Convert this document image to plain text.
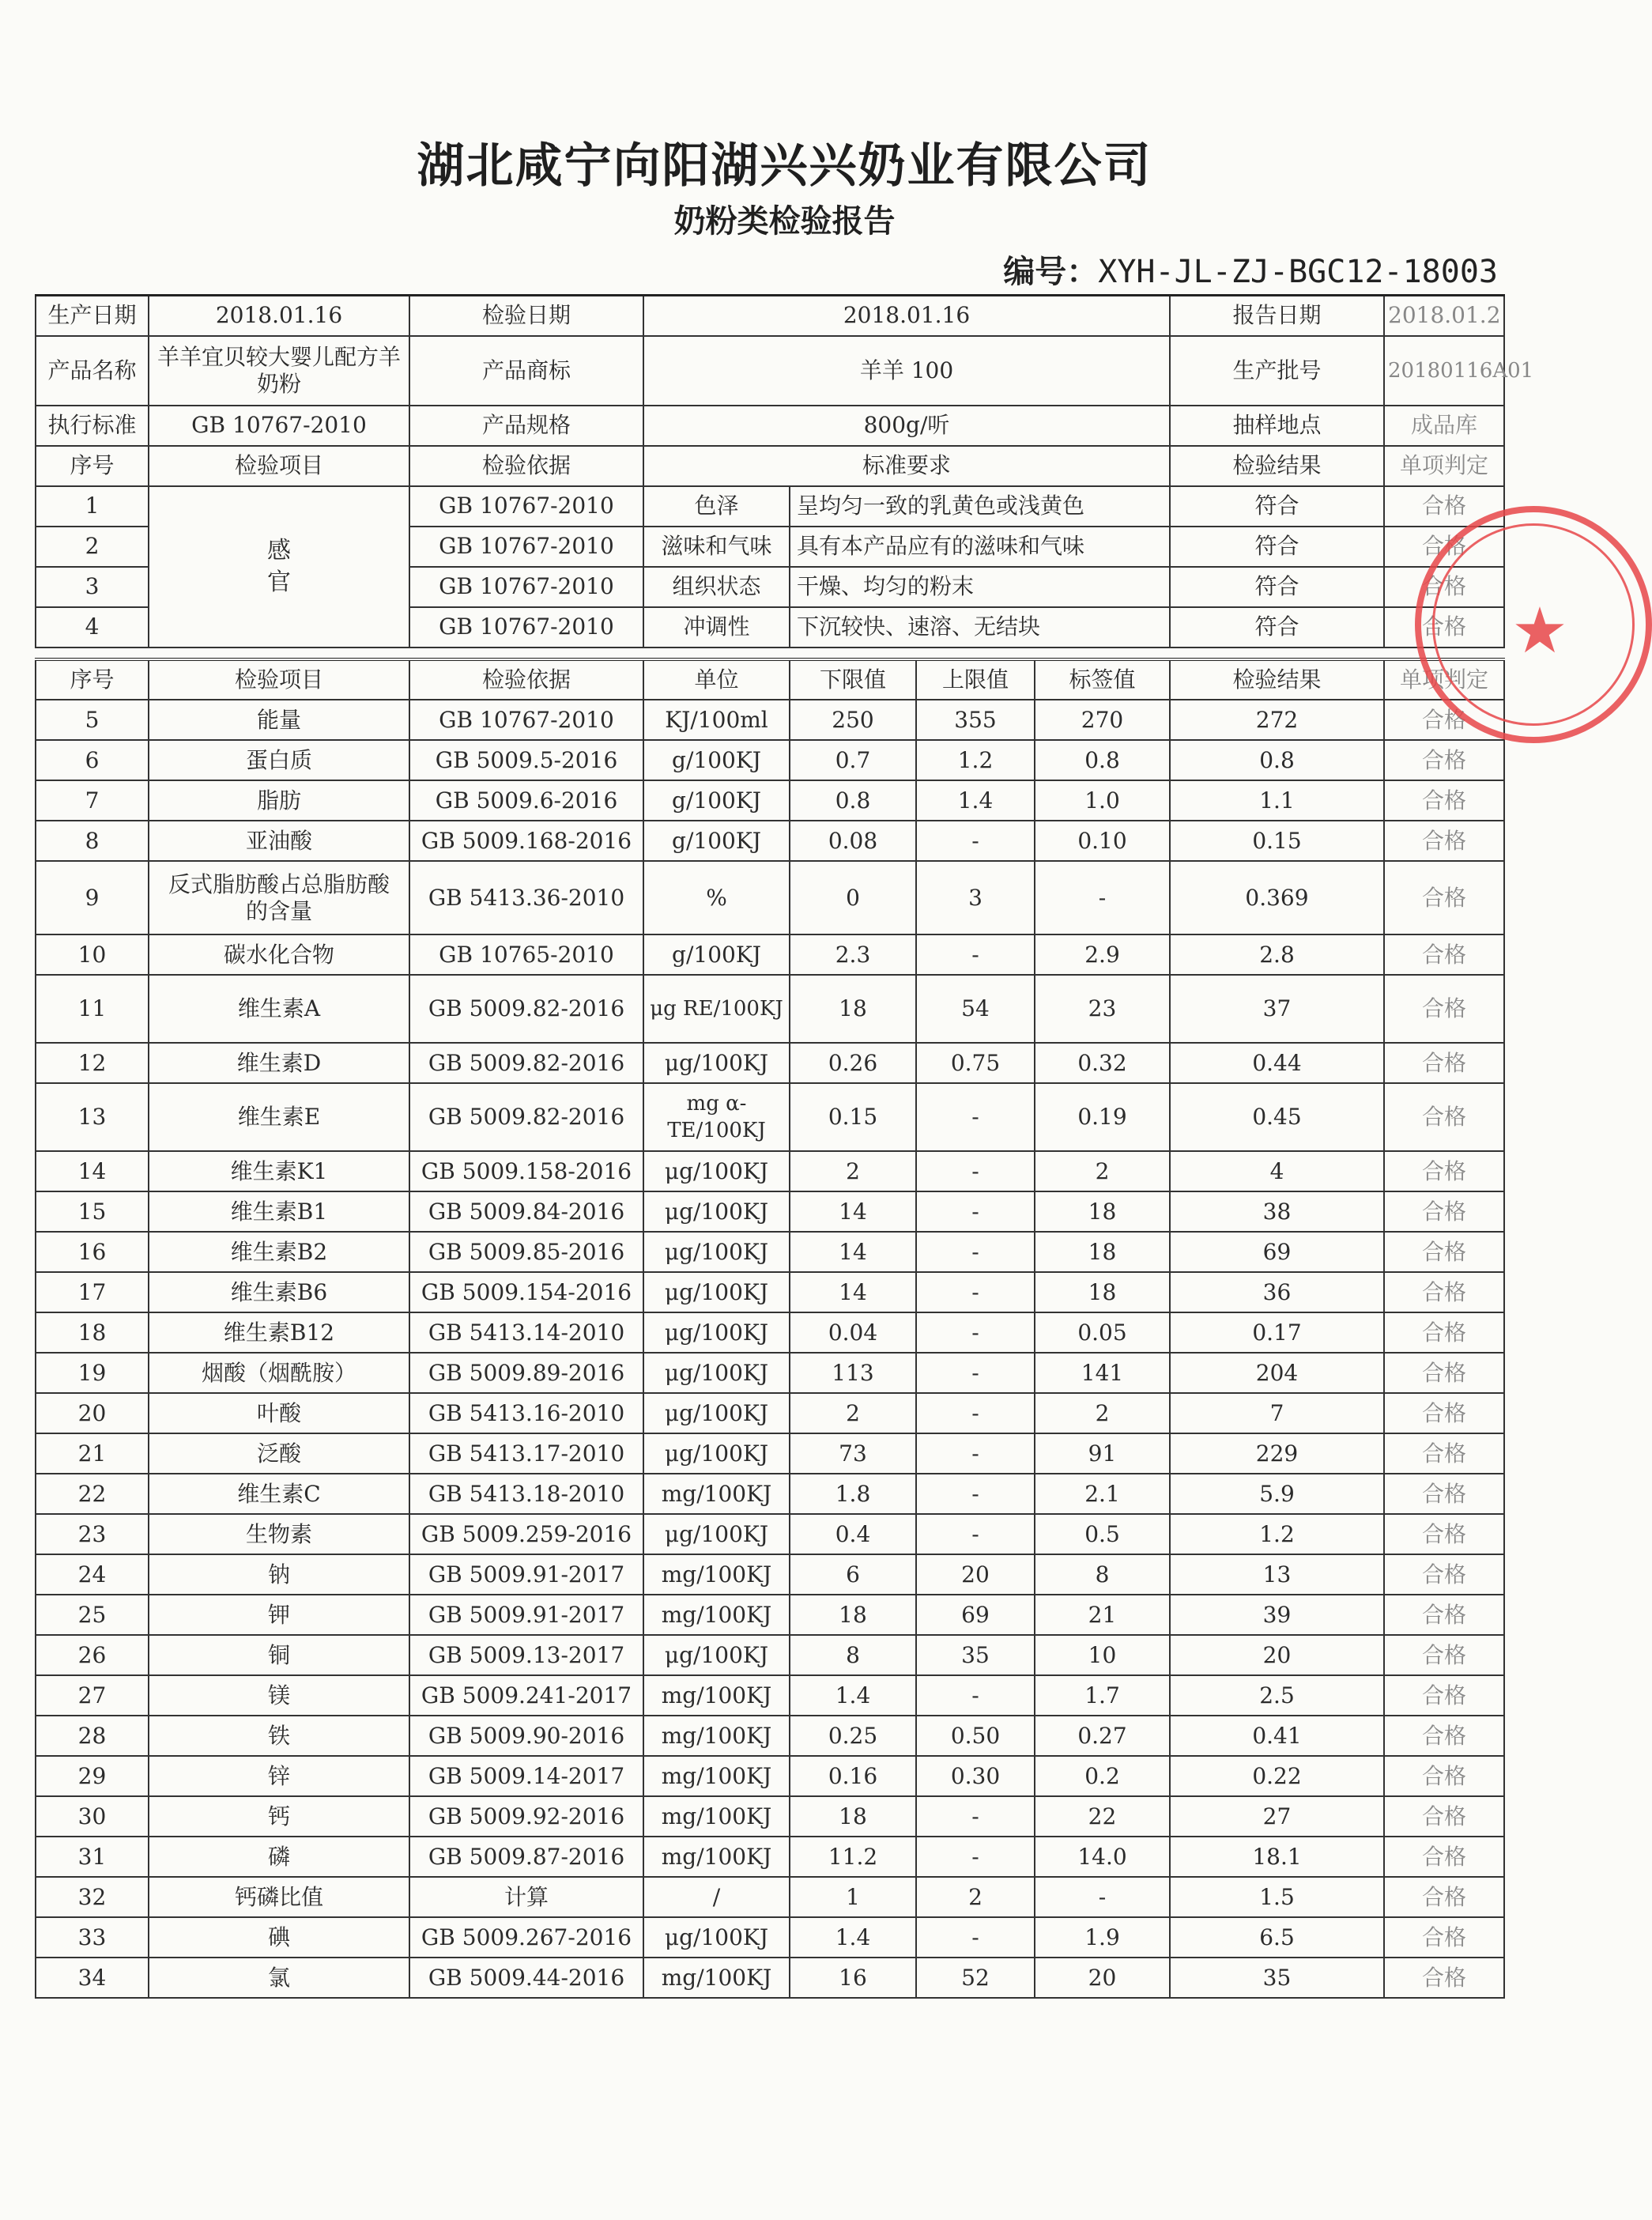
湖北咸宁向阳湖兴兴奶业有限公司
奶粉类检验报告
编号：XYH-JL-ZJ-BGC12-18003
生产日期	2018.01.16	检验日期	2018.01.16		报告日期	2018.01.2
产品名称	羊羊宜贝较大婴儿配方羊奶粉	产品商标	羊羊 100		生产批号	20180116A01
执行标准	GB 10767-2010	产品规格	800g/听		抽样地点	成品库
序号	检验项目	检验依据	标准要求		检验结果	单项判定
1	感官	GB 10767-2010	色泽	呈均匀一致的乳黄色或浅黄色	符合	合格
2		GB 10767-2010	滋味和气味	具有本产品应有的滋味和气味	符合	合格
3		GB 10767-2010	组织状态	干燥、均匀的粉末	符合	合格
4		GB 10767-2010	冲调性	下沉较快、速溶、无结块	符合	合格
序号	检验项目	检验依据	单位	下限值	上限值	标签值	检验结果	单项判定
5	能量	GB 10767-2010	KJ/100ml	250	355	270	272	合格
6	蛋白质	GB 5009.5-2016	g/100KJ	0.7	1.2	0.8	0.8	合格
7	脂肪	GB 5009.6-2016	g/100KJ	0.8	1.4	1.0	1.1	合格
8	亚油酸	GB 5009.168-2016	g/100KJ	0.08	-	0.10	0.15	合格
9	反式脂肪酸占总脂肪酸的含量	GB 5413.36-2010	%	0	3	-	0.369	合格
10	碳水化合物	GB 10765-2010	g/100KJ	2.3	-	2.9	2.8	合格
11	维生素A	GB 5009.82-2016	μg RE/100KJ	18	54	23	37	合格
12	维生素D	GB 5009.82-2016	μg/100KJ	0.26	0.75	0.32	0.44	合格
13	维生素E	GB 5009.82-2016	mg α-TE/100KJ	0.15	-	0.19	0.45	合格
14	维生素K1	GB 5009.158-2016	μg/100KJ	2	-	2	4	合格
15	维生素B1	GB 5009.84-2016	μg/100KJ	14	-	18	38	合格
16	维生素B2	GB 5009.85-2016	μg/100KJ	14	-	18	69	合格
17	维生素B6	GB 5009.154-2016	μg/100KJ	14	-	18	36	合格
18	维生素B12	GB 5413.14-2010	μg/100KJ	0.04	-	0.05	0.17	合格
19	烟酸（烟酰胺）	GB 5009.89-2016	μg/100KJ	113	-	141	204	合格
20	叶酸	GB 5413.16-2010	μg/100KJ	2	-	2	7	合格
21	泛酸	GB 5413.17-2010	μg/100KJ	73	-	91	229	合格
22	维生素C	GB 5413.18-2010	mg/100KJ	1.8	-	2.1	5.9	合格
23	生物素	GB 5009.259-2016	μg/100KJ	0.4	-	0.5	1.2	合格
24	钠	GB 5009.91-2017	mg/100KJ	6	20	8	13	合格
25	钾	GB 5009.91-2017	mg/100KJ	18	69	21	39	合格
26	铜	GB 5009.13-2017	μg/100KJ	8	35	10	20	合格
27	镁	GB 5009.241-2017	mg/100KJ	1.4	-	1.7	2.5	合格
28	铁	GB 5009.90-2016	mg/100KJ	0.25	0.50	0.27	0.41	合格
29	锌	GB 5009.14-2017	mg/100KJ	0.16	0.30	0.2	0.22	合格
30	钙	GB 5009.92-2016	mg/100KJ	18	-	22	27	合格
31	磷	GB 5009.87-2016	mg/100KJ	11.2	-	14.0	18.1	合格
32	钙磷比值	计算	/	1	2	-	1.5	合格
33	碘	GB 5009.267-2016	μg/100KJ	1.4	-	1.9	6.5	合格
34	氯	GB 5009.44-2016	mg/100KJ	16	52	20	35	合格
★
